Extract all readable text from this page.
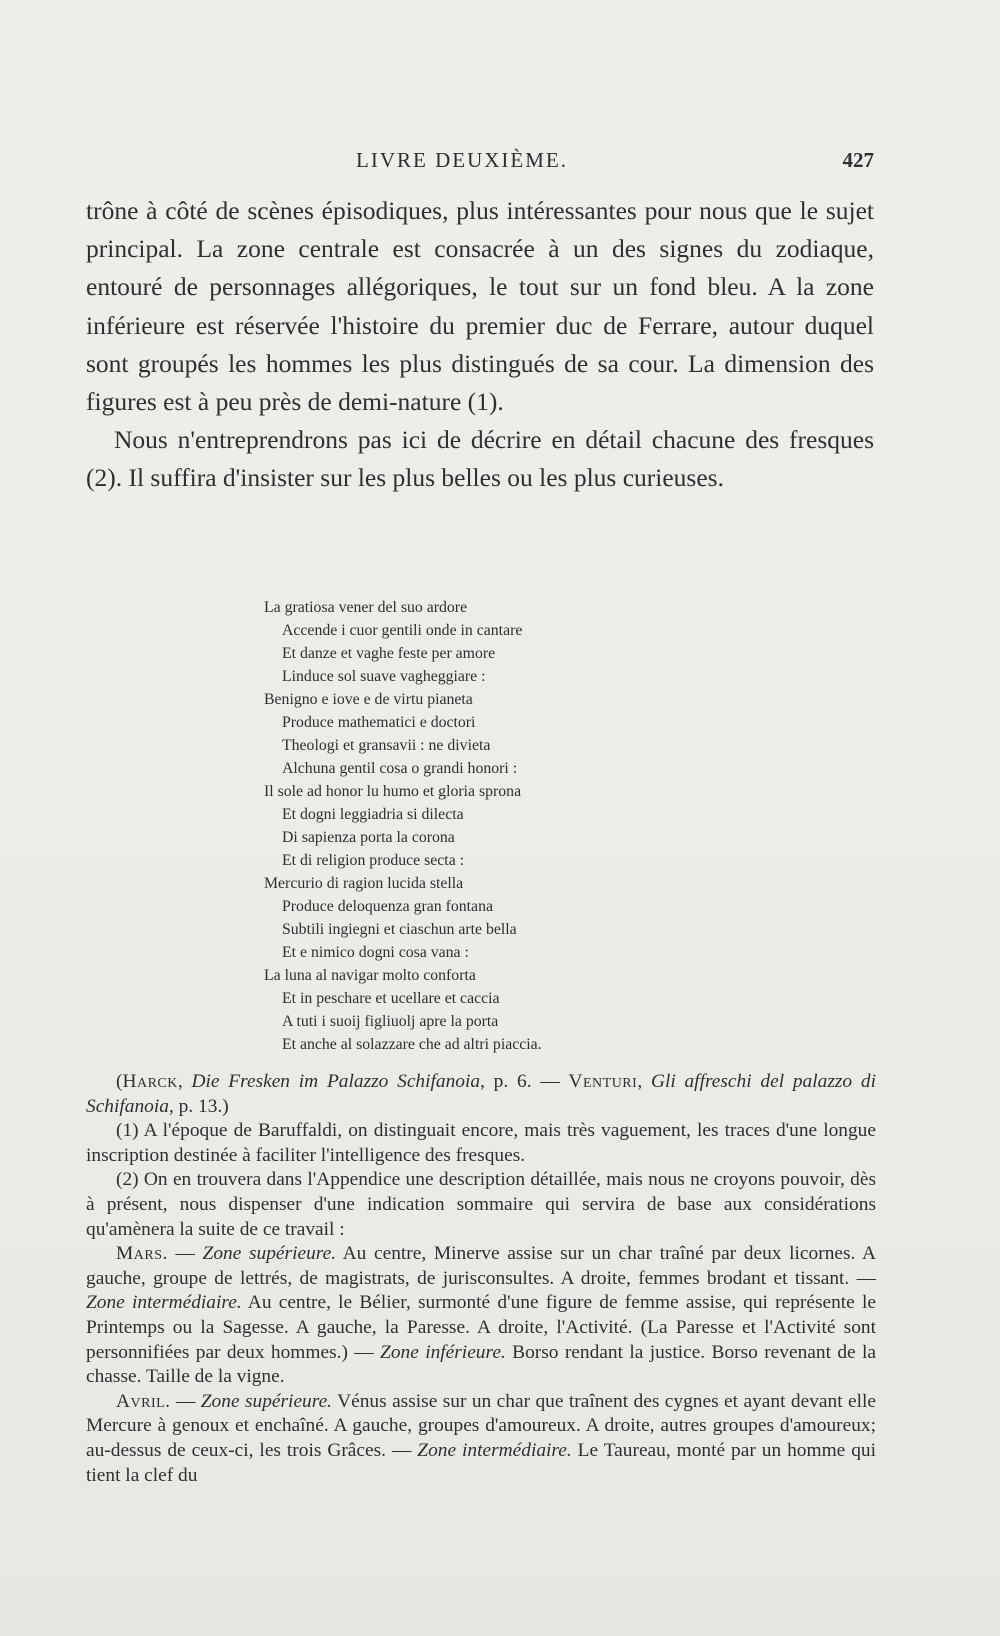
LIVRE DEUXIÈME.	427

trône à côté de scènes épisodiques, plus intéressantes pour nous que le sujet principal. La zone centrale est consacrée à un des signes du zodiaque, entouré de personnages allégoriques, le tout sur un fond bleu. A la zone inférieure est réservée l'histoire du premier duc de Ferrare, autour duquel sont groupés les hommes les plus distingués de sa cour. La dimension des figures est à peu près de demi-nature (1).

Nous n'entreprendrons pas ici de décrire en détail chacune des fresques (2). Il suffira d'insister sur les plus belles ou les plus curieuses.

La gratiosa vener del suo ardore
Accende i cuor gentili onde in cantare
Et danze et vaghe feste per amore
Linduce sol suave vagheggiare :
Benigno e iove e de virtu pianeta
Produce mathematici e doctori
Theologi et gransavii : ne divieta
Alchuna gentil cosa o grandi honori :
Il sole ad honor lu humo et gloria sprona
Et dogni leggiadria si dilecta
Di sapienza porta la corona
Et di religion produce secta :
Mercurio di ragion lucida stella
Produce deloquenza gran fontana
Subtili ingiegni et ciaschun arte bella
Et e nimico dogni cosa vana :
La luna al navigar molto conforta
Et in peschare et ucellare et caccia
A tuti i suoij figliuolj apre la porta
Et anche al solazzare che ad altri piaccia.

(Harck, Die Fresken im Palazzo Schifanoia, p. 6. — Venturi, Gli affreschi del palazzo di Schifanoia, p. 13.)

(1) A l'époque de Baruffaldi, on distinguait encore, mais très vaguement, les traces d'une longue inscription destinée à faciliter l'intelligence des fresques.

(2) On en trouvera dans l'Appendice une description détaillée, mais nous ne croyons pouvoir, dès à présent, nous dispenser d'une indication sommaire qui servira de base aux considérations qu'amènera la suite de ce travail :

Mars. — Zone supérieure. Au centre, Minerve assise sur un char traîné par deux licornes. A gauche, groupe de lettrés, de magistrats, de jurisconsultes. A droite, femmes brodant et tissant. — Zone intermédiaire. Au centre, le Bélier, surmonté d'une figure de femme assise, qui représente le Printemps ou la Sagesse. A gauche, la Paresse. A droite, l'Activité. (La Paresse et l'Activité sont personnifiées par deux hommes.) — Zone inférieure. Borso rendant la justice. Borso revenant de la chasse. Taille de la vigne.

Avril. — Zone supérieure. Vénus assise sur un char que traînent des cygnes et ayant devant elle Mercure à genoux et enchaîné. A gauche, groupes d'amoureux. A droite, autres groupes d'amoureux; au-dessus de ceux-ci, les trois Grâces. — Zone intermédiaire. Le Taureau, monté par un homme qui tient la clef du
